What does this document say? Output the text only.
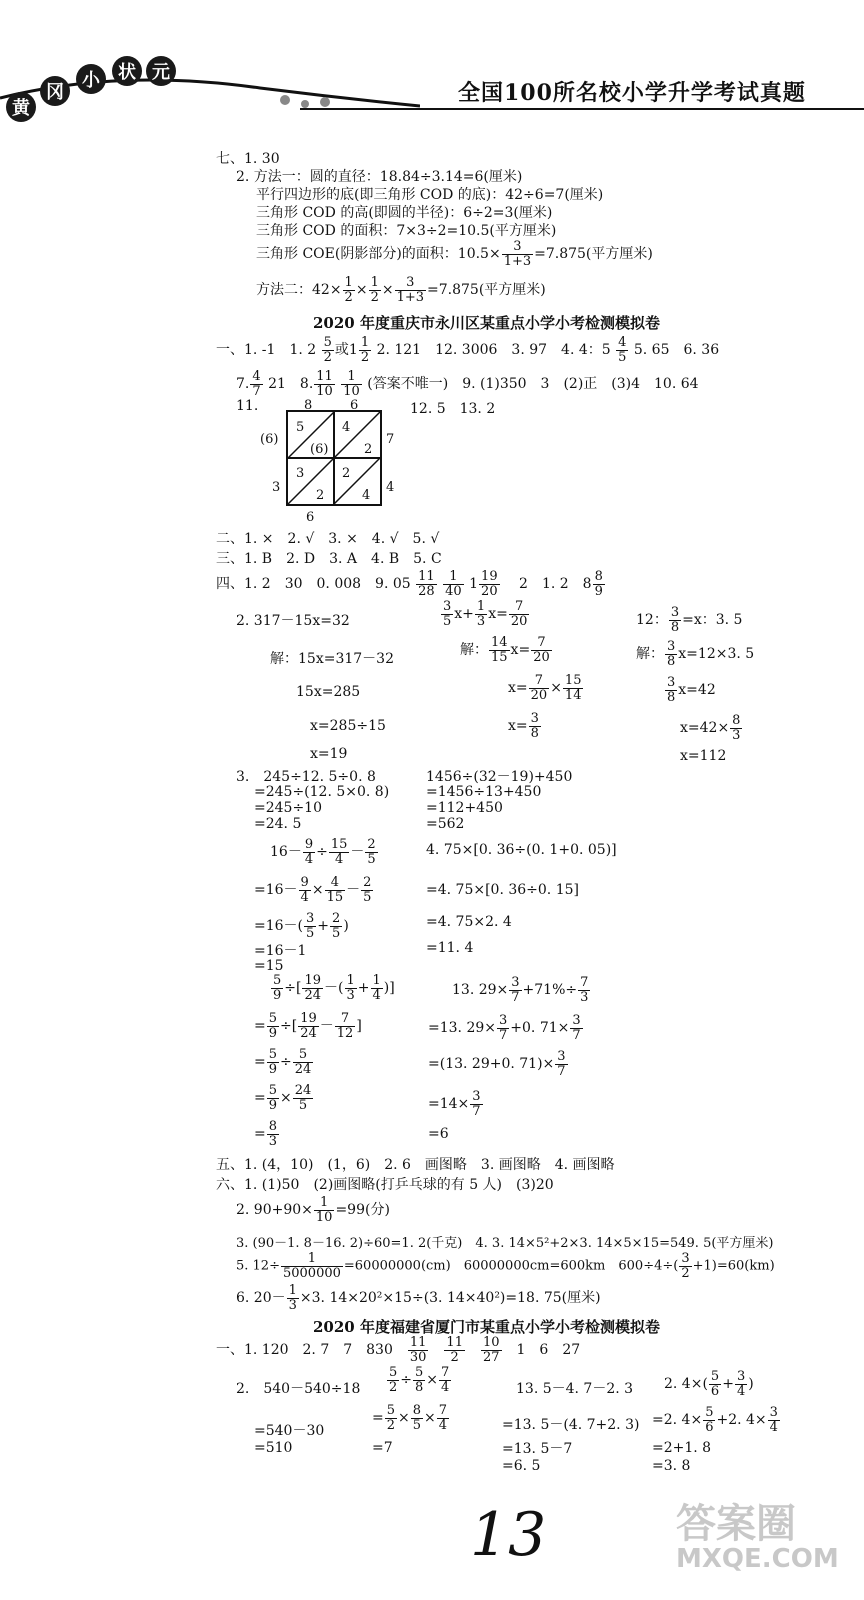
黄
冈
小	状 元
全国100所名校小学升学考试真题
七、1. 30
2. 方法一：圆的直径：18.84÷3.14=6(厘米)
平行四边形的底(即三角形 COD 的底)：42÷6=7(厘米)
三角形 COD 的高(即圆的半径)：6÷2=3(厘米)
三角形 COD 的面积：7×3÷2=10.5(平方厘米)
三角形 COE(阴影部分)的面积：$10.5\times \frac{3}{1+3} =7.875$(平方厘米)
方法二：$42\times \frac{1}{2} \times \frac{1}{2} \times \frac{3}{1+3} =7.875$(平方厘米)
2020 年度重庆市永川区某重点小学小考检测模拟卷
一、1. -1　1. $2 \frac{5}{2}$ 或$1 \frac{1}{2} 2$. 121　12. 3006　3. 97　4. 4：$5 \frac{4}{5} 5$. 65　6. 36
7. $\frac{4}{7} 21$　8. $\frac{11}{10}$
$\frac{1}{10}$ (答案不唯一)　9. (1)350　3　(2)正　(3)4　10. 64
11.	12. 5　13. 2
8	6
(6)
3
7
4
6
5
(6)
4
2
3
2
2
4
二、1. ×　2. √　3. ×　4. √　5. √
三、1. B　2. D　3. A　4. B　5. C
四、1. 2　30　0. 008　9. $05 \frac{11}{28}$
$\frac{1}{40} 1 \frac{19}{20}$ 　2　1. 2　$8 \frac{8}{9}$
2. 317－15x=32
解：15x=317－32
15x=285
x=285÷15
x=19
$\frac{3}{5} x+ \frac{1}{3} x= \frac{7}{20}$
解： $\frac{14}{15} x= \frac{7}{20}$
$x= \frac{7}{20} \times \frac{15}{14}$
$x= \frac{3}{8}$
12： $\frac{3}{8} =x$：3. 5
解： $\frac{3}{8} x=12\times 3$. 5
$\frac{3}{8} x=42$
$x=42\times \frac{8}{3}$
x=112
3.　245÷12. 5÷0. 8
=245÷(12. 5×0. 8)
=245÷10
=24. 5
1456÷(32－19)+450
=1456÷13+450
=112+450
=562
$16- \frac{9}{4} \div \frac{15}{4} - \frac{2}{5}$
$=16- \frac{9}{4} \times \frac{4}{15} - \frac{2}{5}$
$=16-( \frac{3}{5} + \frac{2}{5}$ )
=16－1
=15
4. 75×[0. 36÷(0. 1+0. 05)]
=4. 75×[0. 36÷0. 15]
=4. 75×2. 4
=11. 4
$\frac{5}{9}$ ÷[ $\frac{19}{24}$ －( $\frac{1}{3} + \frac{1}{4}$ )]
= $\frac{5}{9}$ ÷[ $\frac{19}{24} - \frac{7}{12}$ ]
= $\frac{5}{9} \div \frac{5}{24}$
= $\frac{5}{9} \times \frac{24}{5}$
= $\frac{8}{3}$
13. $29\times \frac{3}{7} +71\%\div \frac{7}{3}$
=13. $29\times \frac{3}{7} +0$. $71\times \frac{3}{7}$
=(13. 29+0. $71)\times \frac{3}{7}$
$=14\times \frac{3}{7}$
=6
五、1. (4，10)　(1，6)　2. 6　画图略　3. 画图略　4. 画图略
六、1. (1)50　(2)画图略(打乒乓球的有 5 人)　(3)20
2. $90+90\times \frac{1}{10} =99$(分)
3. (90－1. 8－16. 2)÷60=1. 2(千克)　4. 3. 14×5²+2×3. 14×5×15=549. 5(平方厘米)
5. $12\div \frac{1}{5000000} =60000000(cm)$　60000000cm=600km　$600\div 4\div( \frac{3}{2} +1)=60(km)$
6. $20- \frac{1}{3} \times 3$. 14×20²×15÷(3. 14×40²)=18. 75(厘米)
2020 年度福建省厦门市某重点小学小考检测模拟卷
一、1. 120　2. 7　7　830　 $\frac{11}{30}$
　 $\frac{11}{2}$
　 $\frac{10}{27}$
　 1　6　27
2.　540－540÷18
=540－30
=510
$\frac{5}{2} \div \frac{5}{8} \times \frac{7}{4}$
= $\frac{5}{2} \times \frac{8}{5} \times \frac{7}{4}$
=7
13. 5－4. 7－2. 3
=13. 5－(4. 7+2. 3)
=13. 5－7
=6. 5
2. $4\times( \frac{5}{6} + \frac{3}{4}$ )
=2. $4\times \frac{5}{6} +2$. $4\times \frac{3}{4}$
=2+1. 8
=3. 8
13	答案圈
MXQE.COM
